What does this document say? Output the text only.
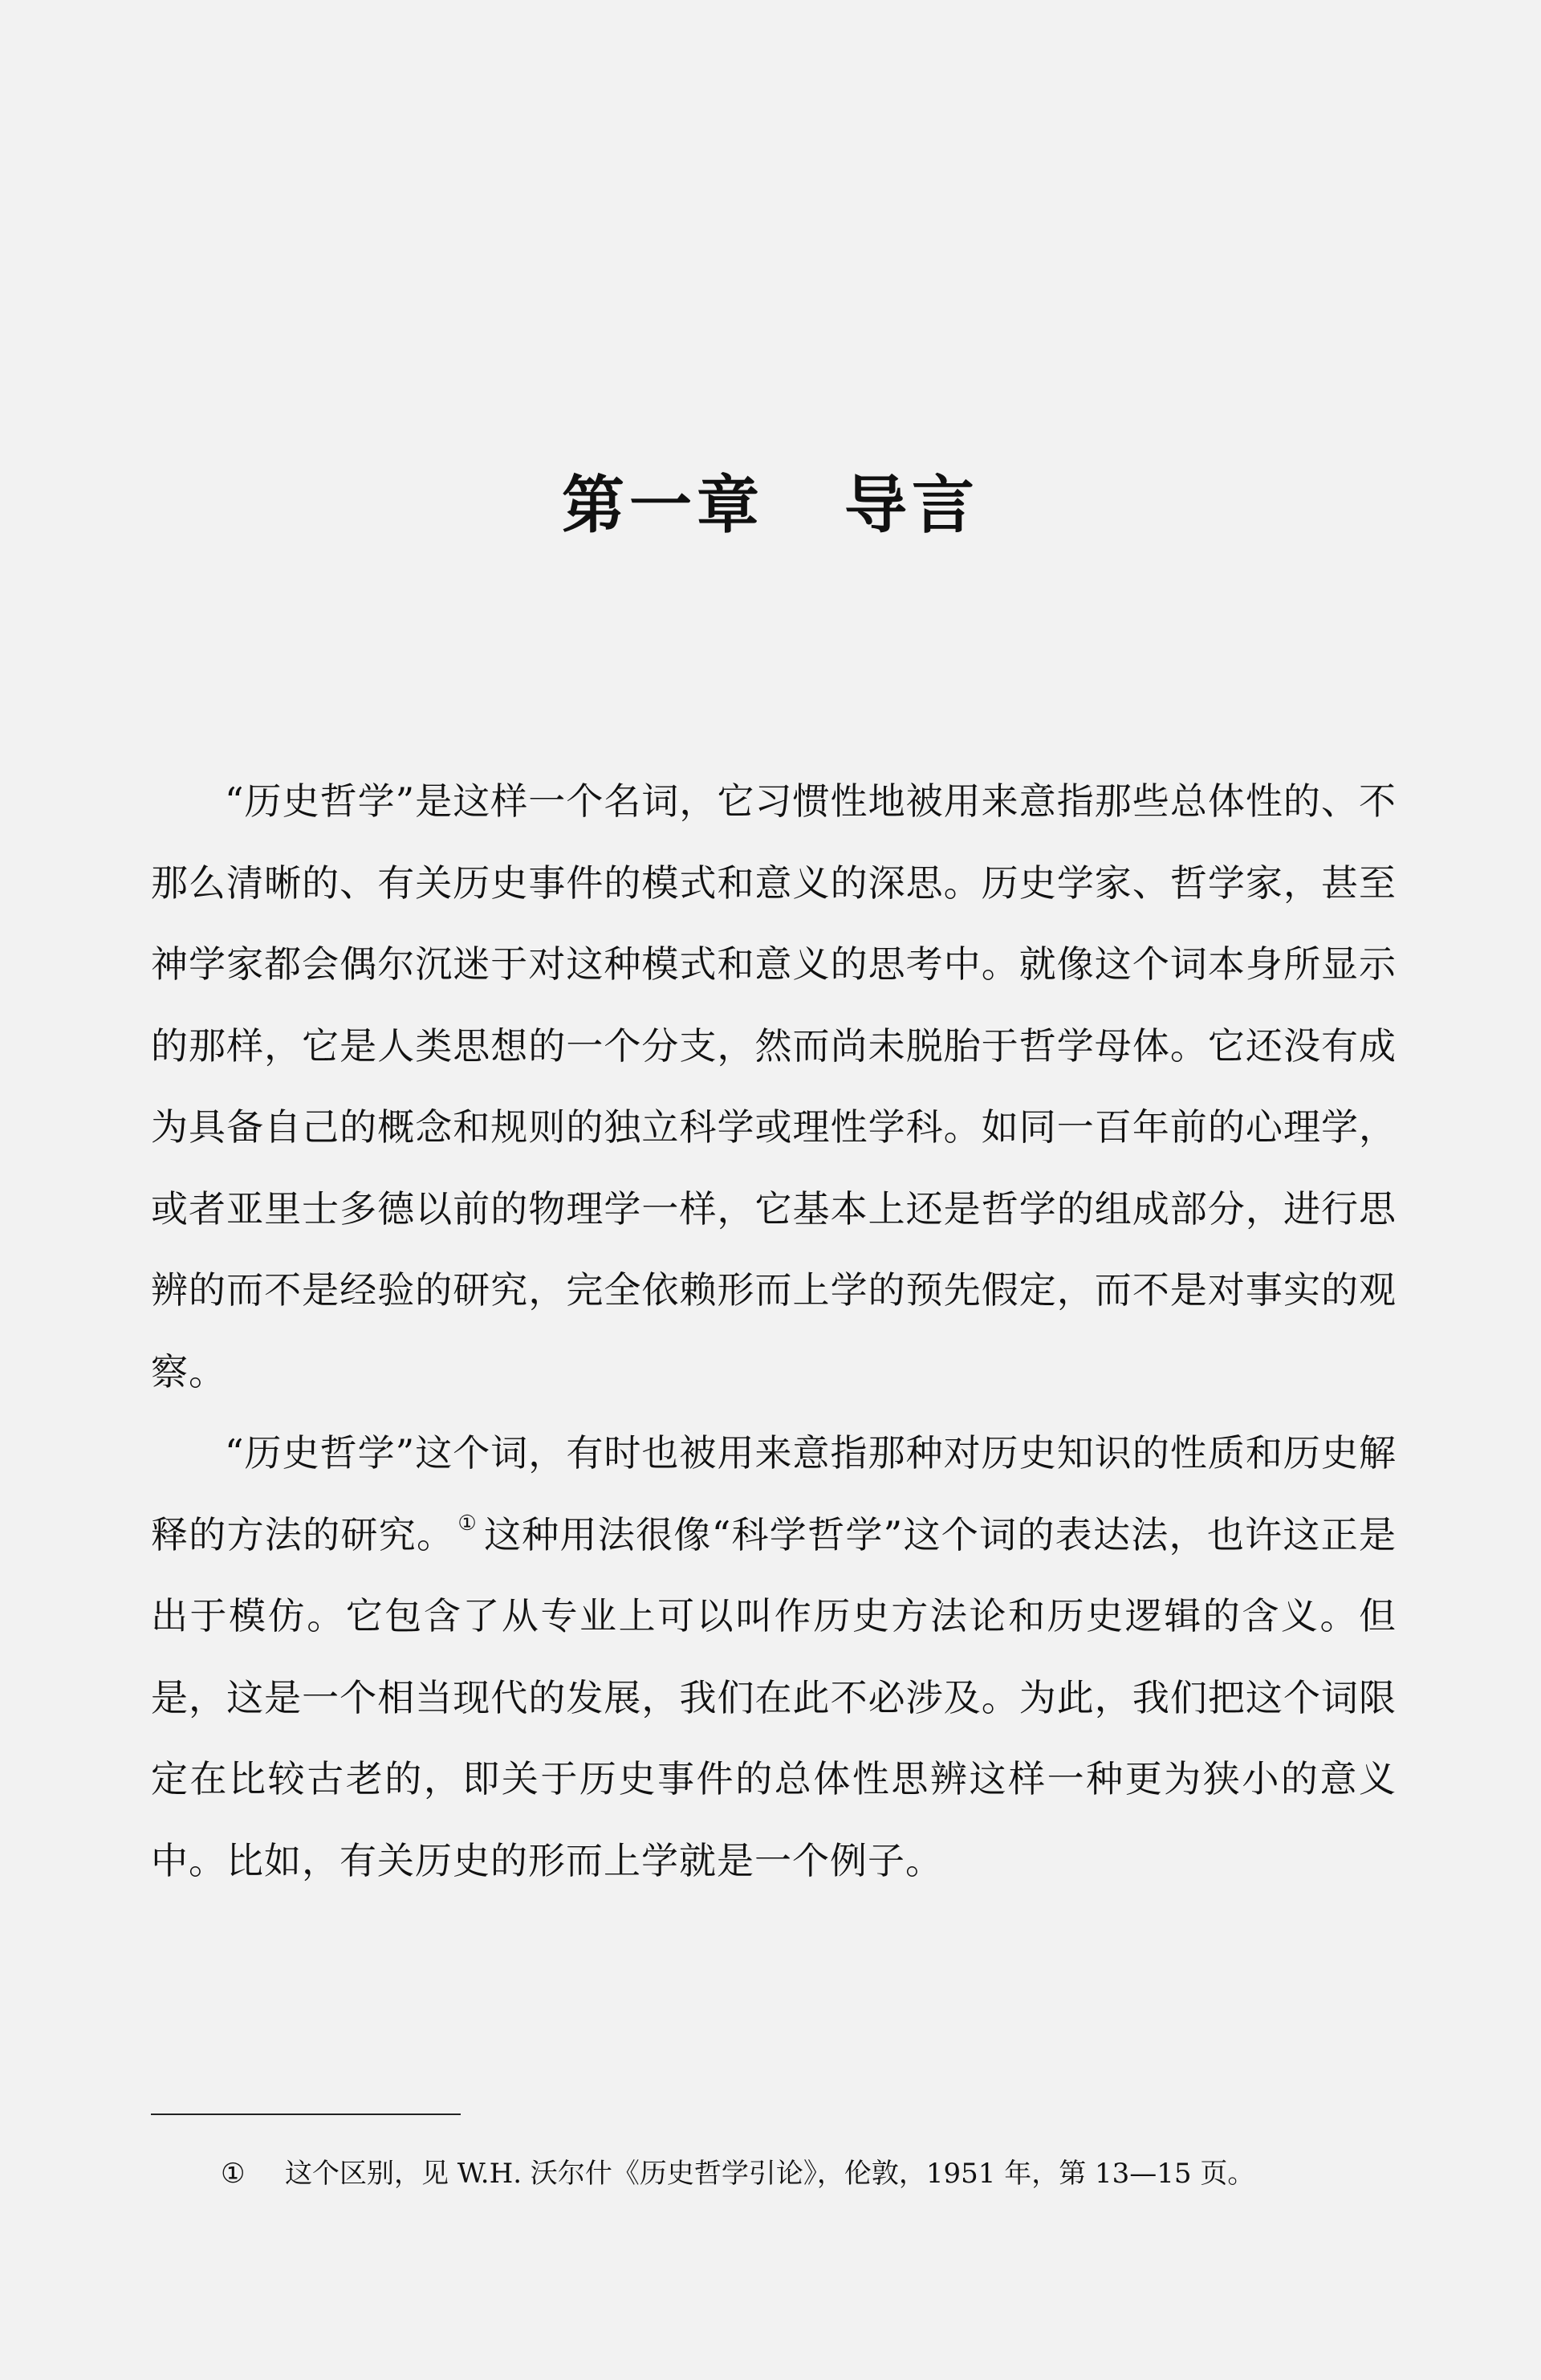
第一章 导言

“历史哲学”是这样一个名词，它习惯性地被用来意指那些总体性的、不那么清晰的、有关历史事件的模式和意义的深思。历史学家、哲学家，甚至神学家都会偶尔沉迷于对这种模式和意义的思考中。就像这个词本身所显示的那样，它是人类思想的一个分支，然而尚未脱胎于哲学母体。它还没有成为具备自己的概念和规则的独立科学或理性学科。如同一百年前的心理学，或者亚里士多德以前的物理学一样，它基本上还是哲学的组成部分，进行思辨的而不是经验的研究，完全依赖形而上学的预先假定，而不是对事实的观察。

“历史哲学”这个词，有时也被用来意指那种对历史知识的性质和历史解释的方法的研究。 ① 这种用法很像“科学哲学”这个词的表达法，也许这正是出于模仿。它包含了从专业上可以叫作历史方法论和历史逻辑的含义。但是，这是一个相当现代的发展，我们在此不必涉及。为此，我们把这个词限定在比较古老的，即关于历史事件的总体性思辨这样一种更为狭小的意义中。比如，有关历史的形而上学就是一个例子。

① 这个区别，见 W.H. 沃尔什《历史哲学引论》，伦敦，1951 年，第 13—15 页。
